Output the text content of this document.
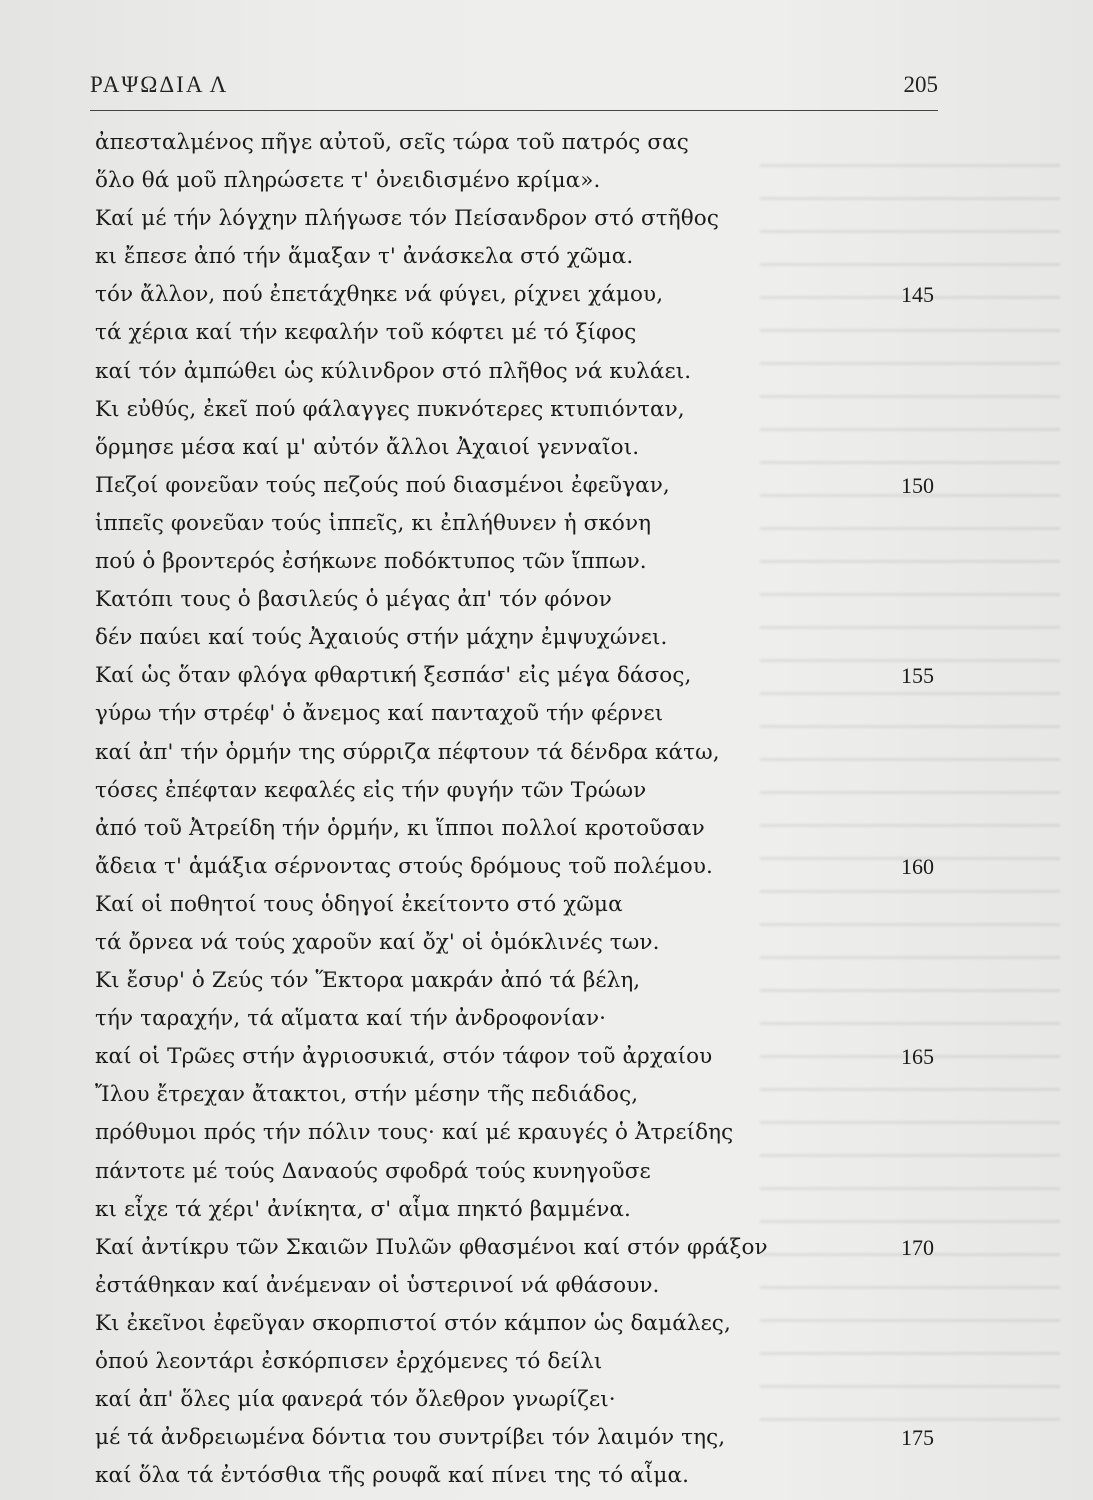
ΡΑΨΩΔΙΑ Λ	205
ἀπεσταλμένος πῆγε αὐτοῦ, σεῖς τώρα τοῦ πατρός σας
ὅλο θά μοῦ πληρώσετε τ' ὀνειδισμένο κρίμα».
Καί μέ τήν λόγχην πλήγωσε τόν Πείσανδρον στό στῆθος
κι ἔπεσε ἀπό τήν ἅμαξαν τ' ἀνάσκελα στό χῶμα.
τόν ἄλλον, πού ἐπετάχθηκε νά φύγει, ρίχνει χάμου,	145
τά χέρια καί τήν κεφαλήν τοῦ κόφτει μέ τό ξίφος
καί τόν ἀμπώθει ὡς κύλινδρον στό πλῆθος νά κυλάει.
Κι εὐθύς, ἐκεῖ πού φάλαγγες πυκνότερες κτυπιόνταν,
ὅρμησε μέσα καί μ' αὐτόν ἄλλοι Ἀχαιοί γενναῖοι.
Πεζοί φονεῦαν τούς πεζούς πού διασμένοι ἐφεῦγαν,	150
ἱππεῖς φονεῦαν τούς ἱππεῖς, κι ἐπλήθυνεν ἡ σκόνη
πού ὁ βροντερός ἐσήκωνε ποδόκτυπος τῶν ἵππων.
Κατόπι τους ὁ βασιλεύς ὁ μέγας ἀπ' τόν φόνον
δέν παύει καί τούς Ἀχαιούς στήν μάχην ἐμψυχώνει.
Καί ὡς ὅταν φλόγα φθαρτική ξεσπάσ' εἰς μέγα δάσος,	155
γύρω τήν στρέφ' ὁ ἄνεμος καί πανταχοῦ τήν φέρνει
καί ἀπ' τήν ὁρμήν της σύρριζα πέφτουν τά δένδρα κάτω,
τόσες ἐπέφταν κεφαλές εἰς τήν φυγήν τῶν Τρώων
ἀπό τοῦ Ἀτρείδη τήν ὁρμήν, κι ἵπποι πολλοί κροτοῦσαν
ἄδεια τ' ἁμάξια σέρνοντας στούς δρόμους τοῦ πολέμου.	160
Καί οἱ ποθητοί τους ὁδηγοί ἐκείτοντο στό χῶμα
τά ὄρνεα νά τούς χαροῦν καί ὄχ' οἱ ὁμόκλινές των.
Κι ἔσυρ' ὁ Ζεύς τόν Ἕκτορα μακράν ἀπό τά βέλη,
τήν ταραχήν, τά αἵματα καί τήν ἀνδροφονίαν·
καί οἱ Τρῶες στήν ἀγριοσυκιά, στόν τάφον τοῦ ἀρχαίου	165
Ἴλου ἔτρεχαν ἄτακτοι, στήν μέσην τῆς πεδιάδος,
πρόθυμοι πρός τήν πόλιν τους· καί μέ κραυγές ὁ Ἀτρείδης
πάντοτε μέ τούς Δαναούς σφοδρά τούς κυνηγοῦσε
κι εἶχε τά χέρι' ἀνίκητα, σ' αἷμα πηκτό βαμμένα.
Καί ἀντίκρυ τῶν Σκαιῶν Πυλῶν φθασμένοι καί στόν φράξον	170
ἐστάθηκαν καί ἀνέμεναν οἱ ὑστερινοί νά φθάσουν.
Κι ἐκεῖνοι ἐφεῦγαν σκορπιστοί στόν κάμπον ὡς δαμάλες,
ὁπού λεοντάρι ἐσκόρπισεν ἐρχόμενες τό δείλι
καί ἀπ' ὅλες μία φανερά τόν ὄλεθρον γνωρίζει·
μέ τά ἀνδρειωμένα δόντια του συντρίβει τόν λαιμόν της,	175
καί ὅλα τά ἐντόσθια τῆς ρουφᾶ καί πίνει της τό αἷμα.
